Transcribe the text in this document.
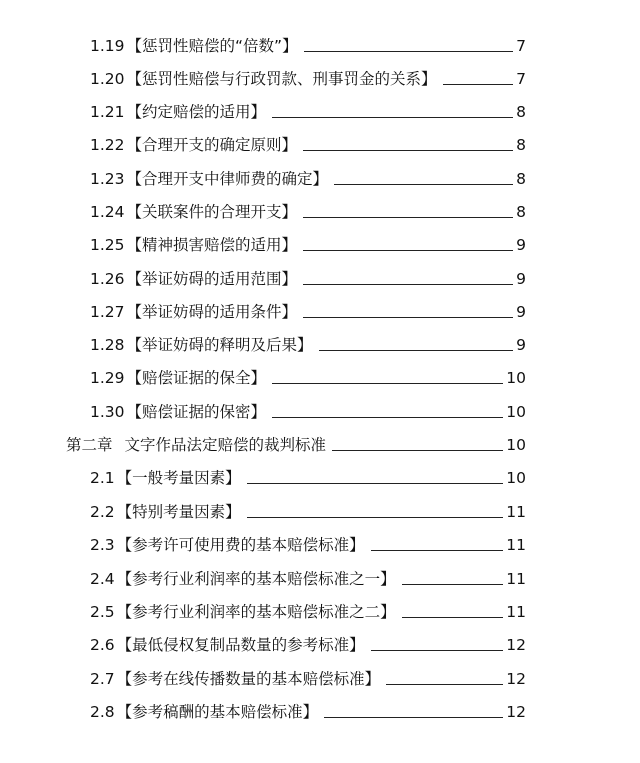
1.19 【惩罚性赔偿的“倍数”】	7
1.20 【惩罚性赔偿与行政罚款、刑事罚金的关系】	7
1.21 【约定赔偿的适用】	8
1.22 【合理开支的确定原则】	8
1.23 【合理开支中律师费的确定】	8
1.24 【关联案件的合理开支】	8
1.25 【精神损害赔偿的适用】	9
1.26 【举证妨碍的适用范围】	9
1.27 【举证妨碍的适用条件】	9
1.28 【举证妨碍的释明及后果】	9
1.29 【赔偿证据的保全】	10
1.30 【赔偿证据的保密】	10
第二章 文字作品法定赔偿的裁判标准	10
2.1 【一般考量因素】	10
2.2 【特别考量因素】	11
2.3 【参考许可使用费的基本赔偿标准】	11
2.4 【参考行业利润率的基本赔偿标准之一】	11
2.5 【参考行业利润率的基本赔偿标准之二】	11
2.6 【最低侵权复制品数量的参考标准】	12
2.7 【参考在线传播数量的基本赔偿标准】	12
2.8 【参考稿酬的基本赔偿标准】	12
